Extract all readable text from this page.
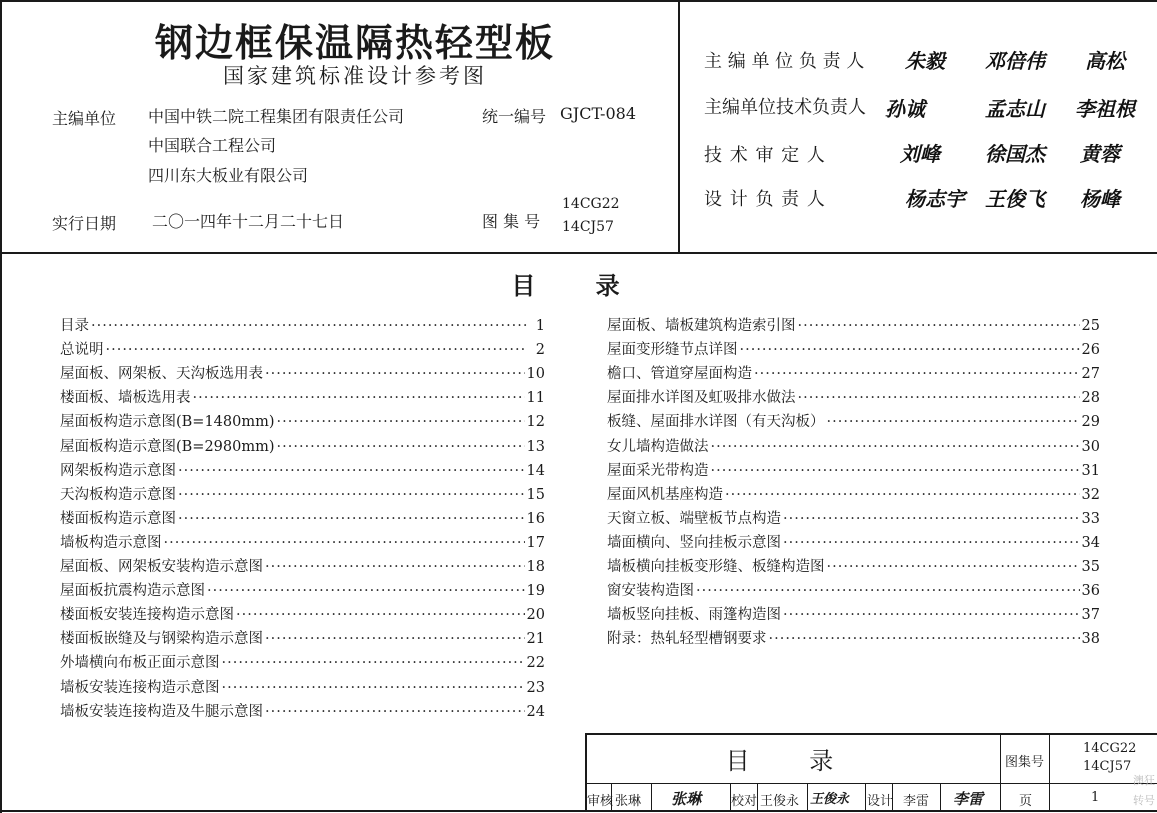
钢边框保温隔热轻型板
国家建筑标准设计参考图
主编单位 中国中铁二院工程集团有限责任公司
中国联合工程公司
四川东大板业有限公司
统一编号 GJCT-084
实行日期 二〇一四年十二月二十七日	图 集 号
14CG22
14CJ57
主 编 单 位 负 责 人 朱毅 邓倍伟 高松
主编单位技术负责人 孙诚	孟志山 李祖根
技 术 审 定 人	刘峰 徐国杰 黄蓉
设 计 负 责 人	杨志宇 王俊飞 杨峰
目 录
目录 ·····	1
总说明 ·····	2
屋面板、网架板、天沟板选用表 ·····	10
楼面板、墙板选用表 ·····	11
屋面板构造示意图(B=1480mm) ·····	12
屋面板构造示意图(B=2980mm) ·····	13
网架板构造示意图 ·····	14
天沟板构造示意图 ·····	15
楼面板构造示意图 ·····	16
墙板构造示意图 ·····	17
屋面板、网架板安装构造示意图 ·····	18
屋面板抗震构造示意图 ·····	19
楼面板安装连接构造示意图 ·····	20
楼面板嵌缝及与钢梁构造示意图 ·····	21
外墙横向布板正面示意图 ·····	22
墙板安装连接构造示意图 ·····	23
墙板安装连接构造及牛腿示意图 ·····	24
屋面板、墙板建筑构造索引图 ·····	25
屋面变形缝节点详图 ·····	26
檐口、管道穿屋面构造 ·····	27
屋面排水详图及虹吸排水做法 ·····	28
板缝、屋面排水详图（有天沟板） ·····	29
女儿墙构造做法 ·····	30
屋面采光带构造 ·····	31
屋面风机基座构造 ·····	32
天窗立板、端壁板节点构造 ·····	33
墙面横向、竖向挂板示意图 ·····	34
墙板横向挂板变形缝、板缝构造图 ·····	35
窗安装构造图 ·····	36
墙板竖向挂板、雨篷构造图 ·····	37
附录：热轧轻型槽钢要求 ·····	38
目 录	图集号
14CG22
14CJ57
审核 张琳 张琳 校对 王俊永 王俊永 设计 李雷 李雷	页	1
澳狂
转号
